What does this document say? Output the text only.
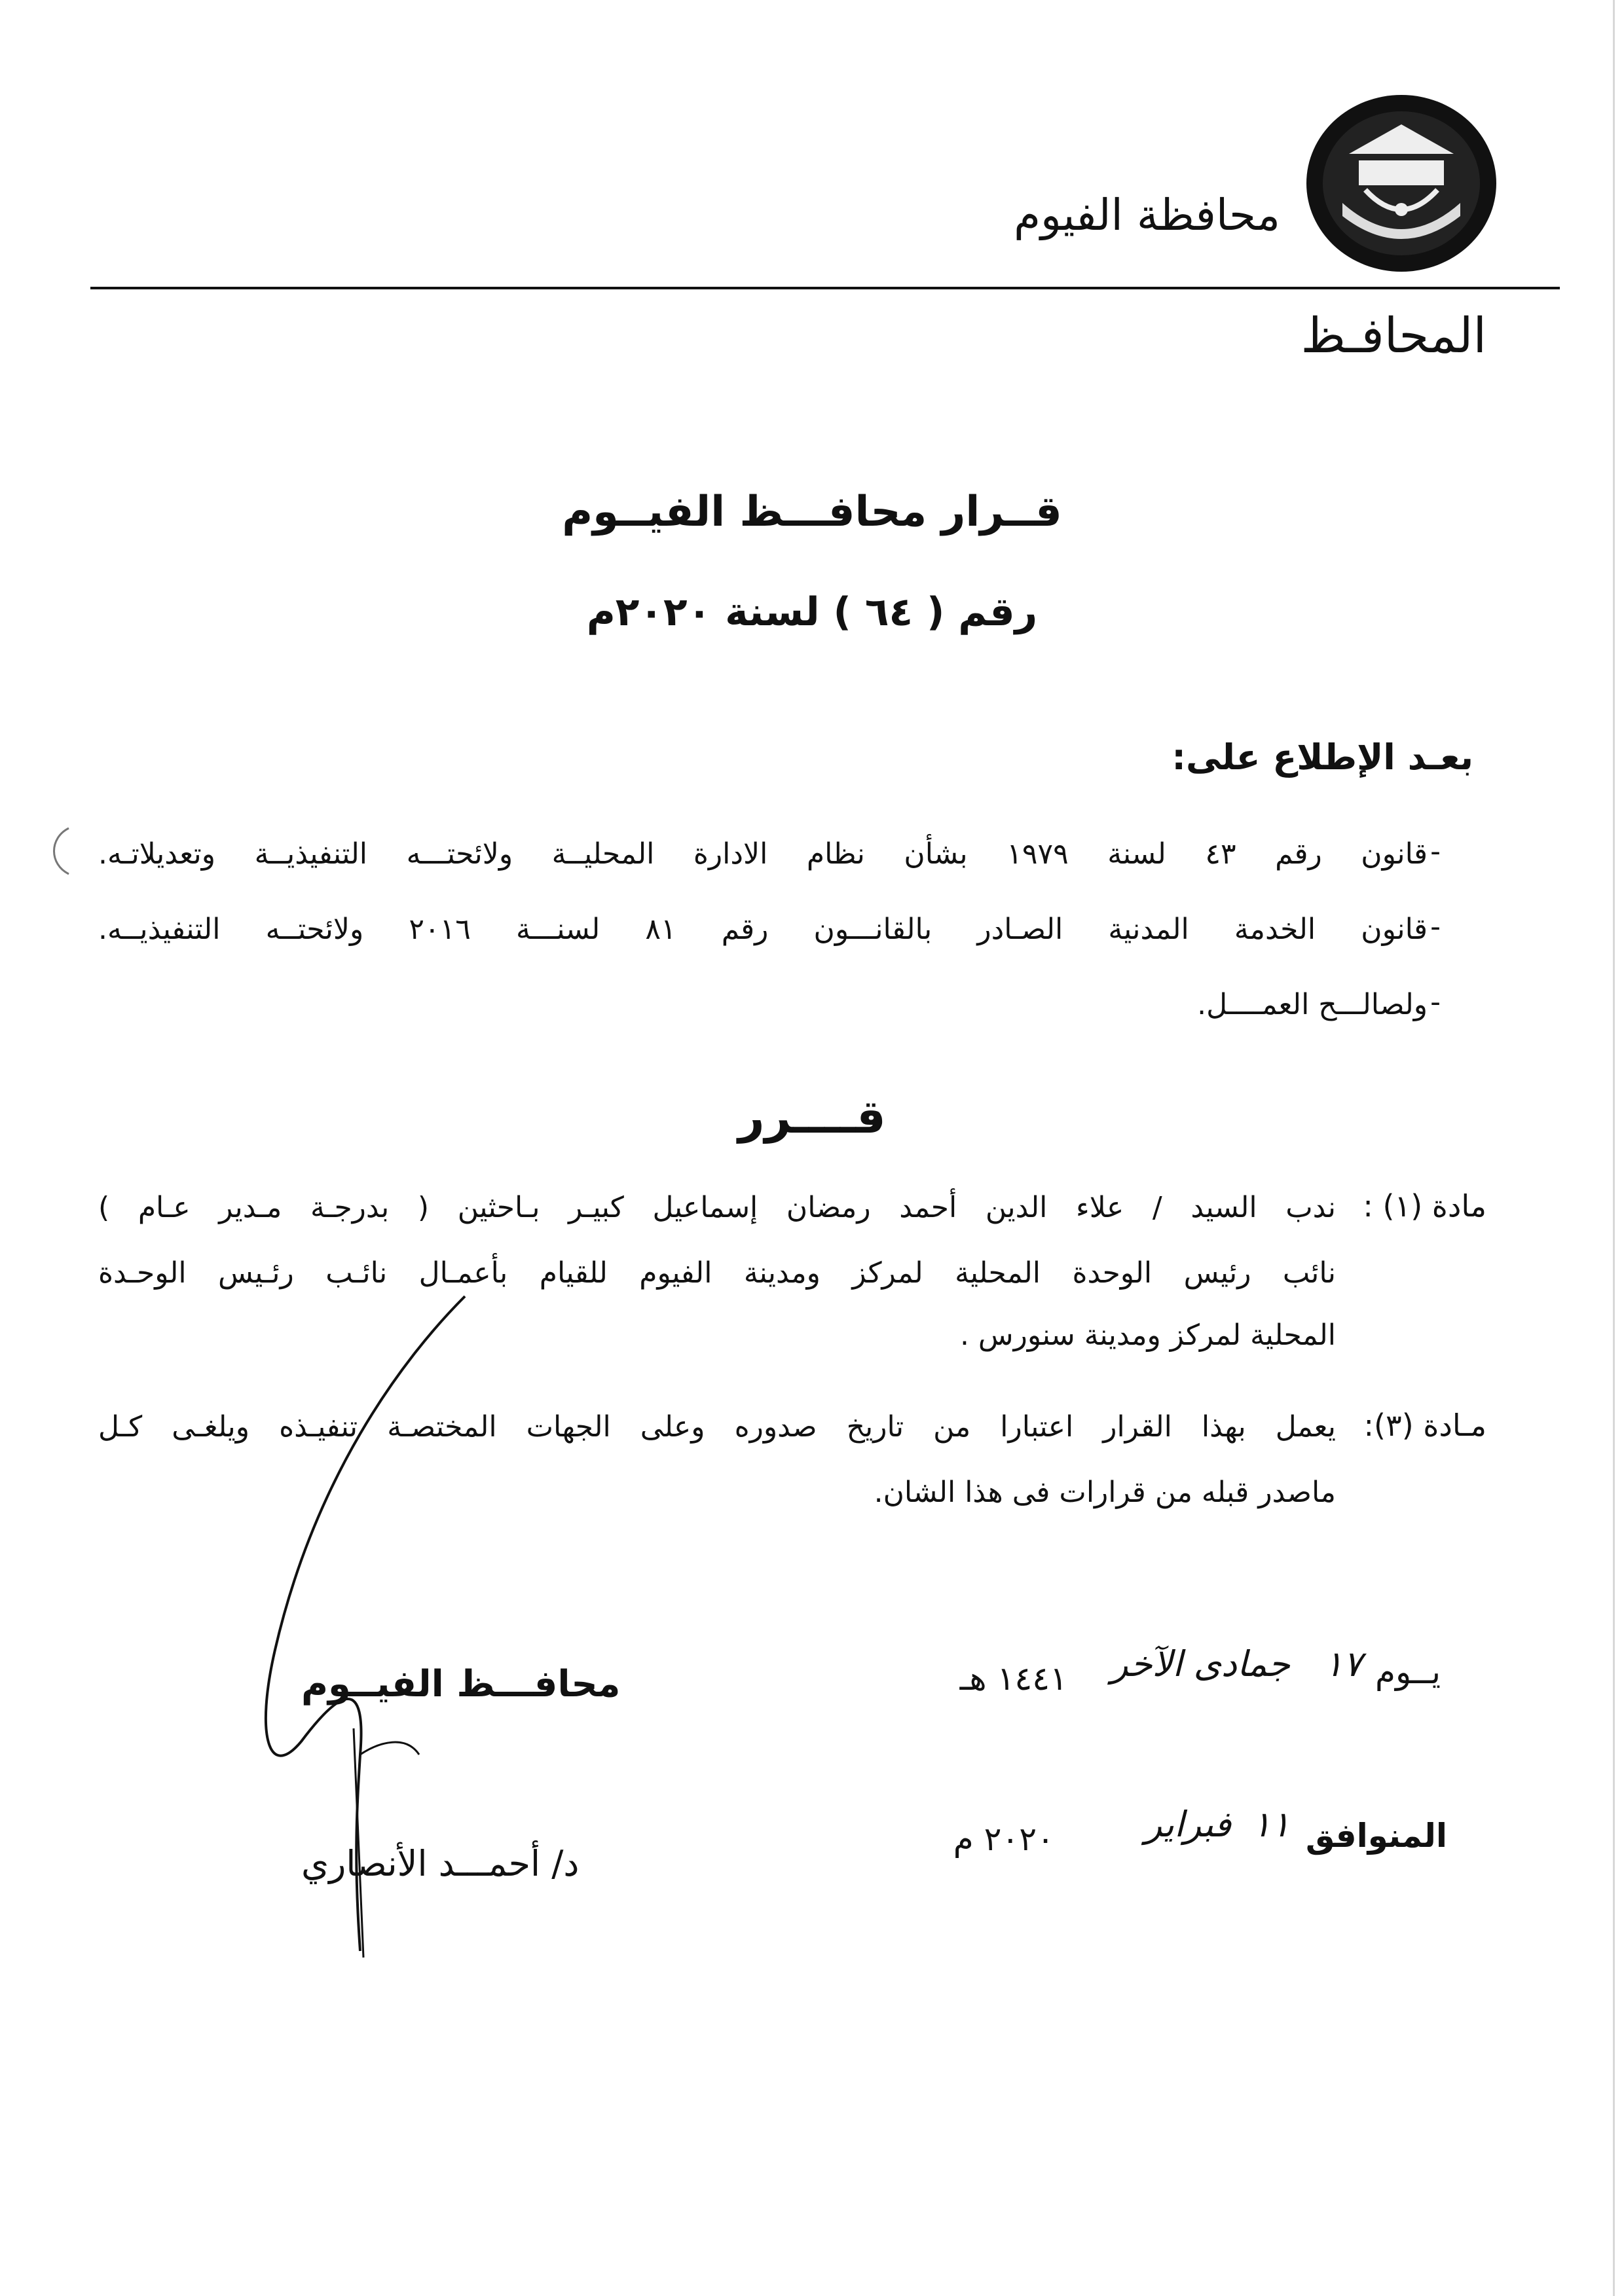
محافظة الفيوم
المحافـظ
قــرار محافـــظ الفيــوم
رقم ( ٦٤ ) لسنة ٢٠٢٠م
بعـد الإطلاع على:
-
قانون رقم ٤٣ لسنة ١٩٧٩ بشأن نظام الادارة المحليــة ولائحتـــه التنفيذيــة وتعديلاتـه.
-
قانون الخدمة المدنية الصـادر بالقانـــون رقم ٨١ لسنـــة ٢٠١٦ ولائحتــه التنفيذيــه.
-
ولصالـــح العمــــل.
قــــرر
مادة (١) :
ندب السيد / علاء الدين أحمد رمضان إسماعيل كبيـر بـاحثين ( بدرجـة مـدير عـام )
نائب رئيس الوحدة المحلية لمركز ومدينة الفيوم للقيام بأعمـال نائـب رئـيس الوحـدة
المحلية لمركز ومدينة سنورس .
مـادة (٣):
يعمل بهذا القرار اعتبارا من تاريخ صدوره وعلى الجهات المختصـة تنفيـذه ويلغـى كـل
ماصدر قبله من قرارات فى هذا الشان.
يــوم
١٧
جمادى الآخر
١٤٤١ هـ
المنوافق
١١
فبراير
٢٠٢٠ م
محافـــظ الفيــوم
د/ أحمـــد الأنصاري
